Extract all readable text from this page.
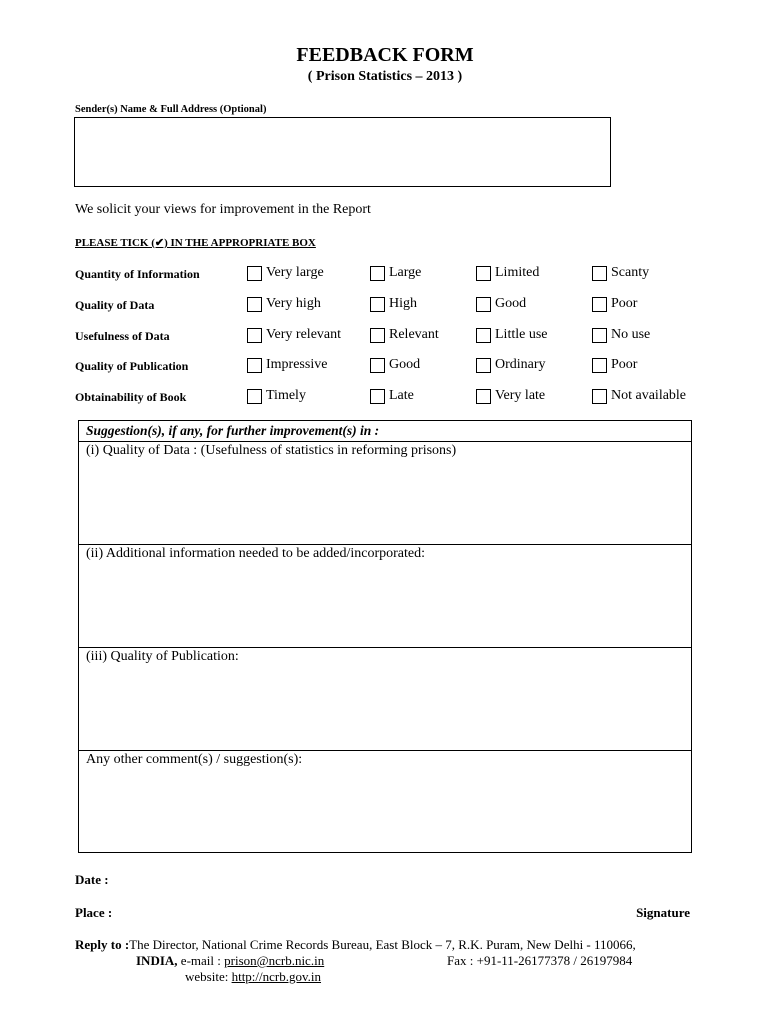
FEEDBACK FORM
( Prison Statistics – 2013 )
Sender(s) Name & Full Address (Optional)
We solicit your views for improvement in the Report
PLEASE TICK (✔) IN THE APPROPRIATE BOX
Quantity of Information	Very large	Large	Limited	Scanty
Quality of Data	Very high	High	Good	Poor
Usefulness of Data	Very relevant	Relevant	Little use	No use
Quality of Publication	Impressive	Good	Ordinary	Poor
Obtainability of Book	Timely	Late	Very late	Not available
Suggestion(s), if any, for further improvement(s) in :
(i) Quality of Data : (Usefulness of statistics in reforming prisons)
(ii) Additional information needed to be added/incorporated:
(iii) Quality of Publication:
Any other comment(s) / suggestion(s):
Date :
Place :	Signature
Reply to :The Director, National Crime Records Bureau, East Block – 7, R.K. Puram, New Delhi - 110066,
INDIA, e-mail : prison@ncrb.nic.in	Fax : +91-11-26177378 / 26197984
website: http://ncrb.gov.in
